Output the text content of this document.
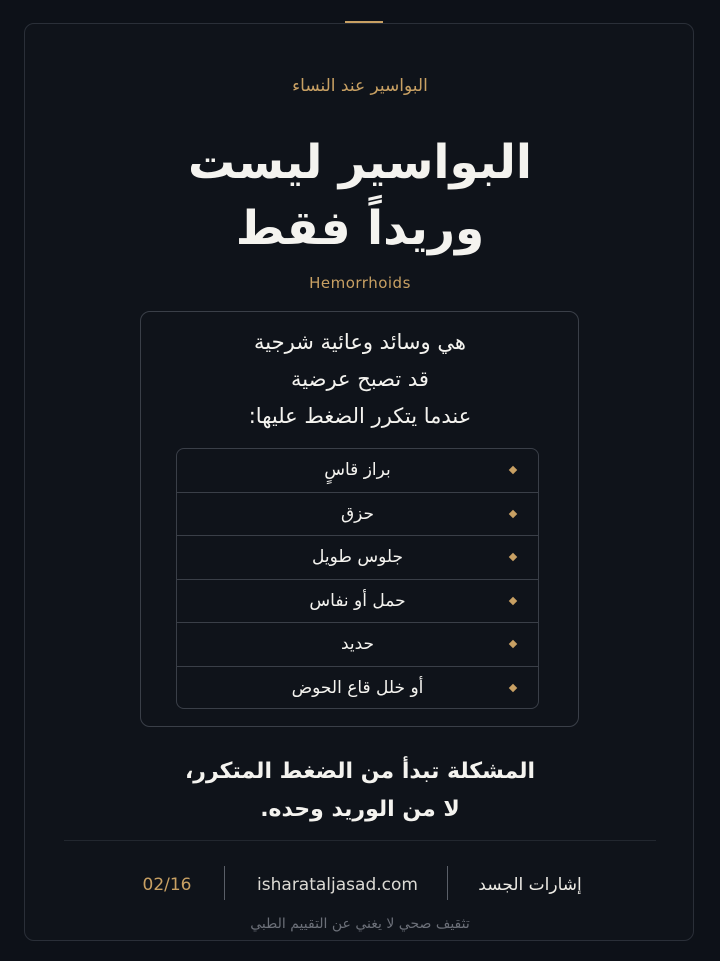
البواسير عند النساء
البواسير ليست
وريداً فقط
Hemorrhoids
هي وسائد وعائية شرجية
قد تصبح عرضية
عندما يتكرر الضغط عليها:
براز قاسٍ
حزق
جلوس طويل
حمل أو نفاس
حديد
أو خلل قاع الحوض
المشكلة تبدأ من الضغط المتكرر،
لا من الوريد وحده.
إشارات الجسد
isharataljasad.com
02/16
تثقيف صحي لا يغني عن التقييم الطبي
